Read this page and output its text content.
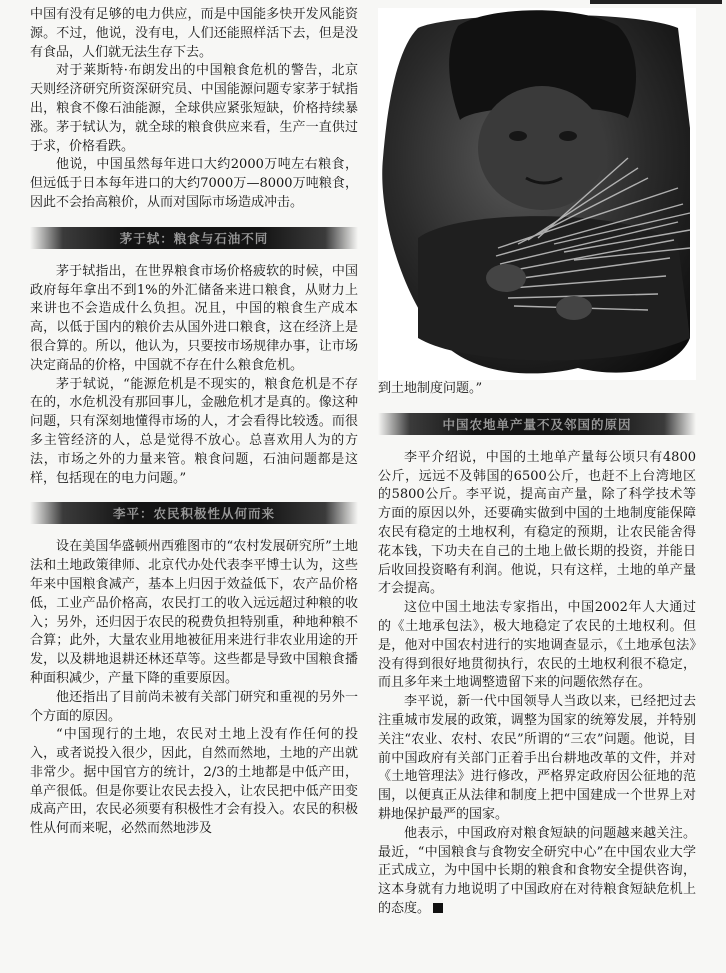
中国有没有足够的电力供应，而是中国能多快开发风能资源。不过，他说，没有电，人们还能照样活下去，但是没有食品，人们就无法生存下去。

对于莱斯特·布朗发出的中国粮食危机的警告，北京天则经济研究所资深研究员、中国能源问题专家茅于轼指出，粮食不像石油能源，全球供应紧张短缺，价格持续暴涨。茅于轼认为，就全球的粮食供应来看，生产一直供过于求，价格看跌。

他说，中国虽然每年进口大约2000万吨左右粮食，但远低于日本每年进口的大约7000万—8000万吨粮食，因此不会抬高粮价，从而对国际市场造成冲击。

茅于轼：粮食与石油不同

茅于轼指出，在世界粮食市场价格疲软的时候，中国政府每年拿出不到1%的外汇储备来进口粮食，从财力上来讲也不会造成什么负担。况且，中国的粮食生产成本高，以低于国内的粮价去从国外进口粮食，这在经济上是很合算的。所以，他认为，只要按市场规律办事，让市场决定商品的价格，中国就不存在什么粮食危机。

茅于轼说，“能源危机是不现实的，粮食危机是不存在的，水危机没有那回事儿，金融危机才是真的。像这种问题，只有深刻地懂得市场的人，才会看得比较透。而很多主管经济的人，总是觉得不放心。总喜欢用人为的方法，市场之外的力量来管。粮食问题，石油问题都是这样，包括现在的电力问题。”

李平：农民积极性从何而来

设在美国华盛顿州西雅图市的“农村发展研究所”土地法和土地政策律师、北京代办处代表李平博士认为，这些年来中国粮食减产，基本上归因于效益低下，农产品价格低，工业产品价格高，农民打工的收入远远超过种粮的收入；另外，还归因于农民的税费负担特别重，种地种粮不合算；此外，大量农业用地被征用来进行非农业用途的开发，以及耕地退耕还林还草等。这些都是导致中国粮食播种面积减少，产量下降的重要原因。

他还指出了目前尚未被有关部门研究和重视的另外一个方面的原因。

“中国现行的土地，农民对土地上没有作任何的投入，或者说投入很少，因此，自然而然地，土地的产出就非常少。据中国官方的统计，2/3的土地都是中低产田，单产很低。但是你要让农民去投入，让农民把中低产田变成高产田，农民必须要有积极性才会有投入。农民的积极性从何而来呢，必然而然地涉及

到土地制度问题。”

中国农地单产量不及邻国的原因

李平介绍说，中国的土地单产量每公顷只有4800公斤，远远不及韩国的6500公斤，也赶不上台湾地区的5800公斤。李平说，提高亩产量，除了科学技术等方面的原因以外，还要确实做到中国的土地制度能保障农民有稳定的土地权利，有稳定的预期，让农民能舍得花本钱，下功夫在自己的土地上做长期的投资，并能日后收回投资略有利润。他说，只有这样，土地的单产量才会提高。

这位中国土地法专家指出，中国2002年人大通过的《土地承包法》，极大地稳定了农民的土地权利。但是，他对中国农村进行的实地调查显示，《土地承包法》没有得到很好地贯彻执行，农民的土地权利很不稳定，而且多年来土地调整遗留下来的问题依然存在。

李平说，新一代中国领导人当政以来，已经把过去注重城市发展的政策，调整为国家的统筹发展，并特别关注“农业、农村、农民”所谓的“三农”问题。他说，目前中国政府有关部门正着手出台耕地改革的文件，并对《土地管理法》进行修改，严格界定政府因公征地的范围，以便真正从法律和制度上把中国建成一个世界上对耕地保护最严的国家。

他表示，中国政府对粮食短缺的问题越来越关注。最近，“中国粮食与食物安全研究中心”在中国农业大学正式成立，为中国中长期的粮食和食物安全提供咨询，这本身就有力地说明了中国政府在对待粮食短缺危机上的态度。
